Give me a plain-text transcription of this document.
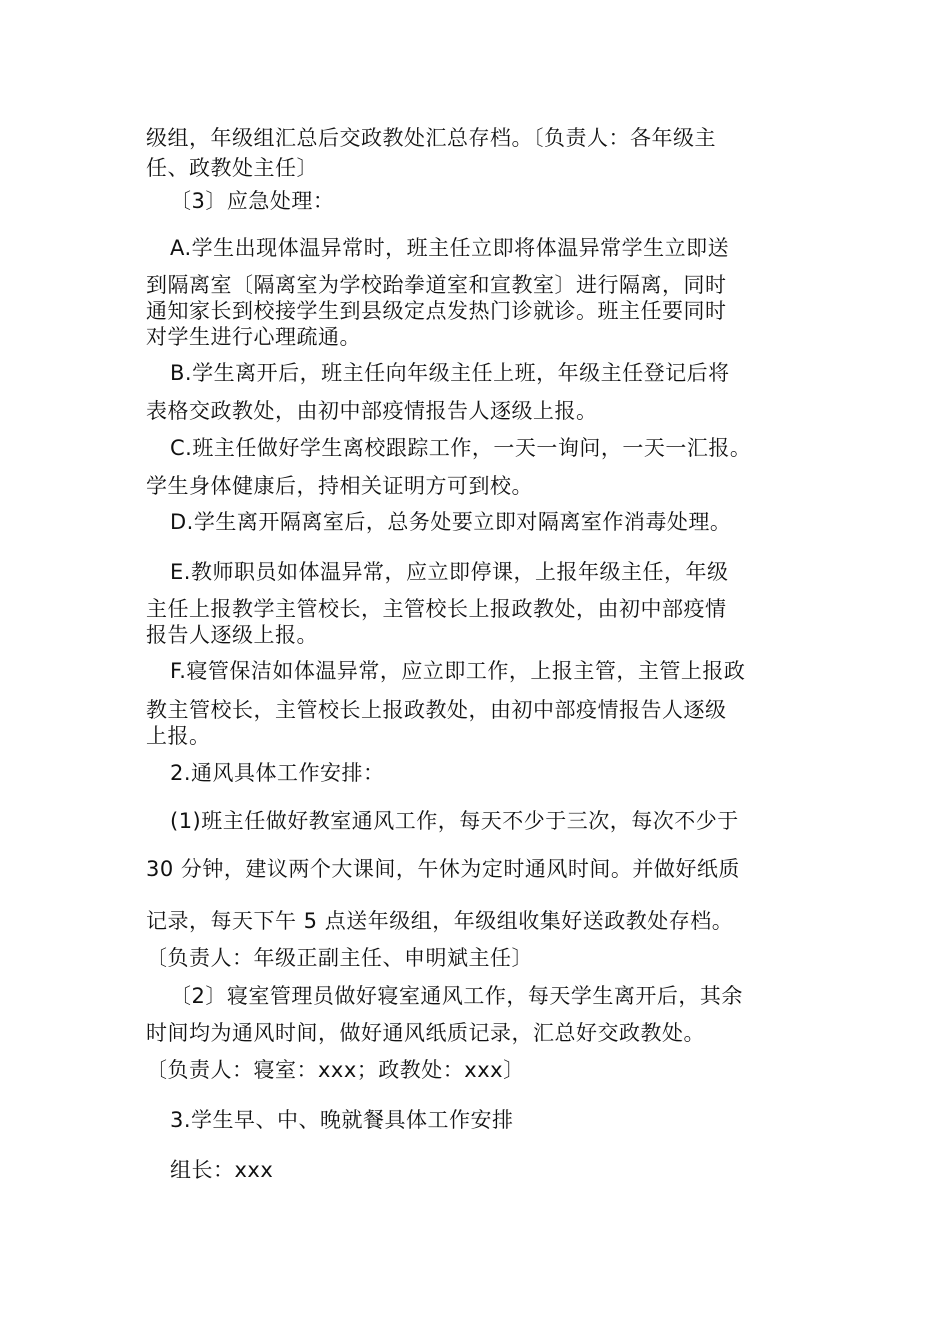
级组，年级组汇总后交政教处汇总存档。〔负责人：各年级主
任、政教处主任〕
〔3〕应急处理：
A.学生出现体温异常时，班主任立即将体温异常学生立即送
到隔离室〔隔离室为学校跆拳道室和宣教室〕进行隔离，同时
通知家长到校接学生到县级定点发热门诊就诊。班主任要同时
对学生进行心理疏通。
B.学生离开后，班主任向年级主任上班，年级主任登记后将
表格交政教处，由初中部疫情报告人逐级上报。
C.班主任做好学生离校跟踪工作，一天一询问，一天一汇报。
学生身体健康后，持相关证明方可到校。
D.学生离开隔离室后，总务处要立即对隔离室作消毒处理。
E.教师职员如体温异常，应立即停课，上报年级主任，年级
主任上报教学主管校长，主管校长上报政教处，由初中部疫情
报告人逐级上报。
F.寝管保洁如体温异常，应立即工作，上报主管，主管上报政
教主管校长，主管校长上报政教处，由初中部疫情报告人逐级
上报。
2.通风具体工作安排：
(1)班主任做好教室通风工作，每天不少于三次，每次不少于
30 分钟，建议两个大课间，午休为定时通风时间。并做好纸质
记录，每天下午 5 点送年级组，年级组收集好送政教处存档。
〔负责人：年级正副主任、申明斌主任〕
〔2〕寝室管理员做好寝室通风工作，每天学生离开后，其余
时间均为通风时间，做好通风纸质记录，汇总好交政教处。
〔负责人：寝室：xxx；政教处：xxx〕
3.学生早、中、晚就餐具体工作安排
组长：xxx
